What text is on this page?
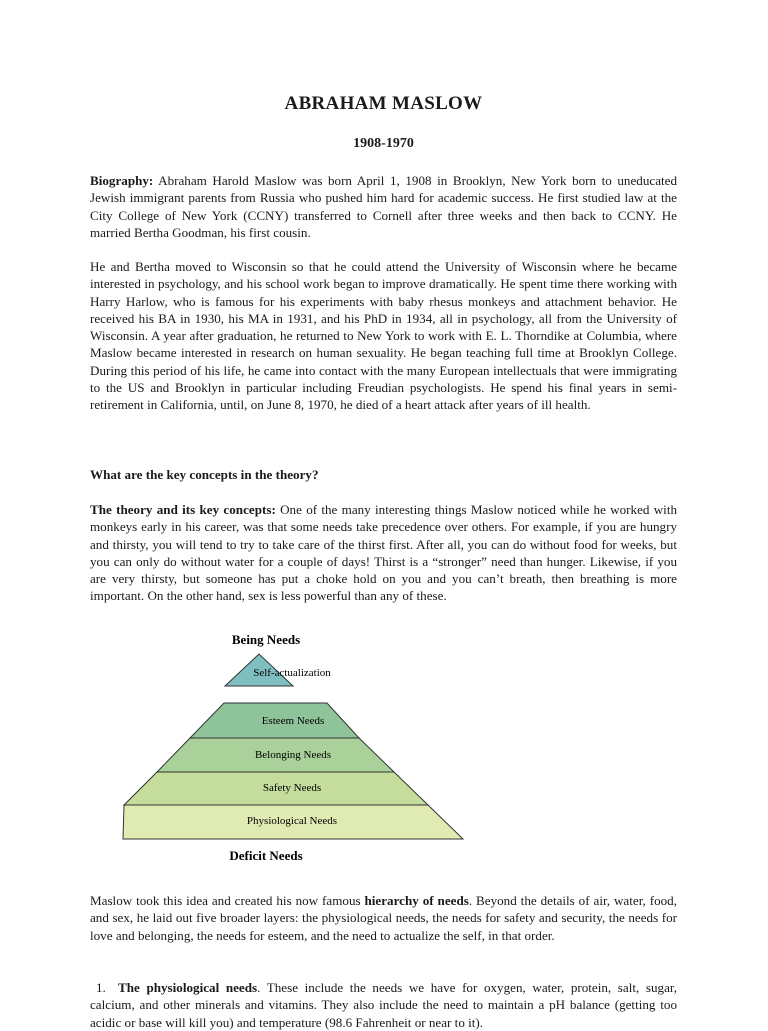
ABRAHAM MASLOW
1908-1970

Biography: Abraham Harold Maslow was born April 1, 1908 in Brooklyn, New York born to uneducated Jewish immigrant parents from Russia who pushed him hard for academic success. He first studied law at the City College of New York (CCNY) transferred to Cornell after three weeks and then back to CCNY. He married Bertha Goodman, his first cousin.

He and Bertha moved to Wisconsin so that he could attend the University of Wisconsin where he became interested in psychology, and his school work began to improve dramatically. He spent time there working with Harry Harlow, who is famous for his experiments with baby rhesus monkeys and attachment behavior. He received his BA in 1930, his MA in 1931, and his PhD in 1934, all in psychology, all from the University of Wisconsin. A year after graduation, he returned to New York to work with E. L. Thorndike at Columbia, where Maslow became interested in research on human sexuality. He began teaching full time at Brooklyn College. During this period of his life, he came into contact with the many European intellectuals that were immigrating to the US and Brooklyn in particular including Freudian psychologists. He spend his final years in semi-retirement in California, until, on June 8, 1970, he died of a heart attack after years of ill health.

What are the key concepts in the theory?

The theory and its key concepts: One of the many interesting things Maslow noticed while he worked with monkeys early in his career, was that some needs take precedence over others. For example, if you are hungry and thirsty, you will tend to try to take care of the thirst first. After all, you can do without food for weeks, but you can only do without water for a couple of days! Thirst is a “stronger” need than hunger. Likewise, if you are very thirsty, but someone has put a choke hold on you and you can’t breath, then breathing is more important. On the other hand, sex is less powerful than any of these.

Maslow took this idea and created his now famous hierarchy of needs. Beyond the details of air, water, food, and sex, he laid out five broader layers: the physiological needs, the needs for safety and security, the needs for love and belonging, the needs for esteem, and the need to actualize the self, in that order.

1. The physiological needs. These include the needs we have for oxygen, water, protein, salt, sugar, calcium, and other minerals and vitamins. They also include the need to maintain a pH balance (getting too acidic or base will kill you) and temperature (98.6 Fahrenheit or near to it).

Being Needs
Self-actualization
Esteem Needs
Belonging Needs
Safety Needs
Physiological Needs
Deficit Needs
